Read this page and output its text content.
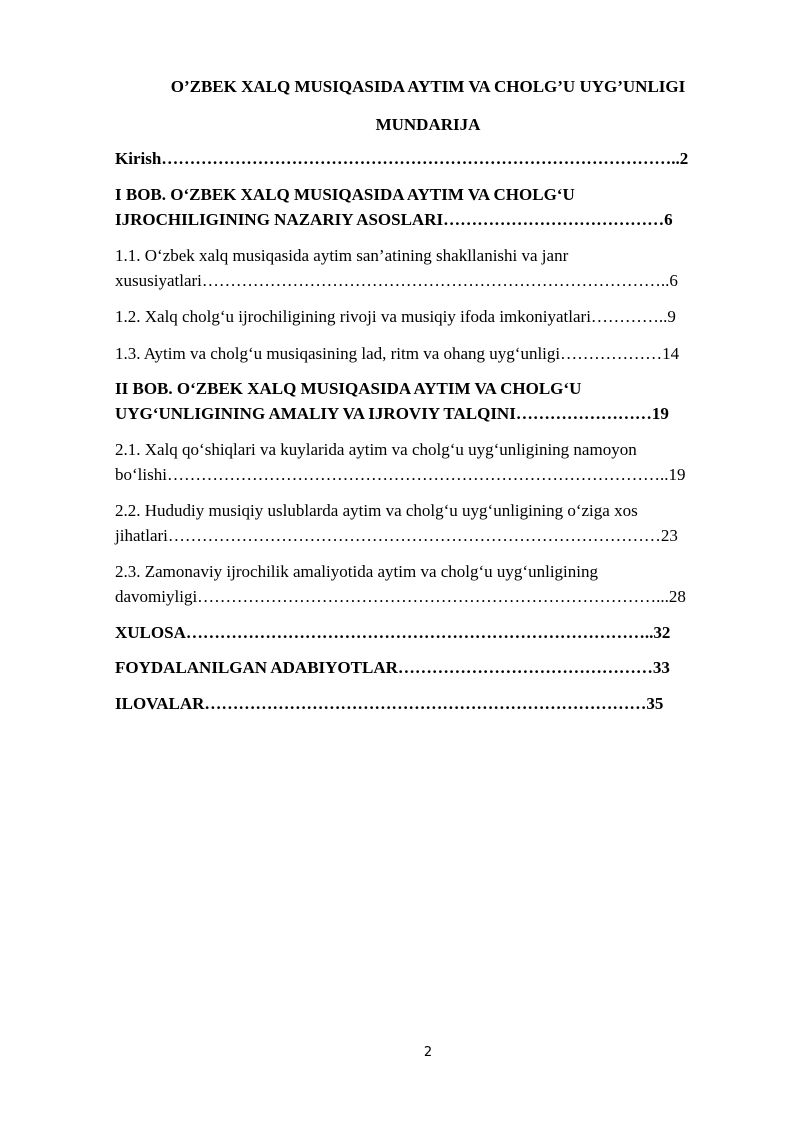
O’ZBEK XALQ MUSIQASIDA AYTIM VA CHOLG’U UYG’UNLIGI
MUNDARIJA
Kirish………………………………………………………………………………..2
I BOB. O‘ZBEK XALQ MUSIQASIDA AYTIM VA CHOLG‘U
IJROCHILIGINING NAZARIY ASOSLARI…………………………………6
1.1. O‘zbek xalq musiqasida aytim san’atining shakllanishi va janr
xususiyatlari………………………………………………………………………..6
1.2. Xalq cholg‘u ijrochiligining rivoji va musiqiy ifoda imkoniyatlari…………..9
1.3. Aytim va cholg‘u musiqasining lad, ritm va ohang uyg‘unligi………………14
II BOB. O‘ZBEK XALQ MUSIQASIDA AYTIM VA CHOLG‘U
UYG‘UNLIGINING AMALIY VA IJROVIY TALQINI……………………19
2.1. Xalq qo‘shiqlari va kuylarida aytim va cholg‘u uyg‘unligining namoyon
bo‘lishi……………………………………………………………………………..19
2.2. Hududiy musiqiy uslublarda aytim va cholg‘u uyg‘unligining o‘ziga xos
jihatlari……………………………………………………………………………23
2.3. Zamonaviy ijrochilik amaliyotida aytim va cholg‘u uyg‘unligining
davomiyligi………………………………………………………………………...28
XULOSA………………………………………………………………………..32
FOYDALANILGAN ADABIYOTLAR………………………………………33
ILOVALAR……………………………………………………………………35
2
